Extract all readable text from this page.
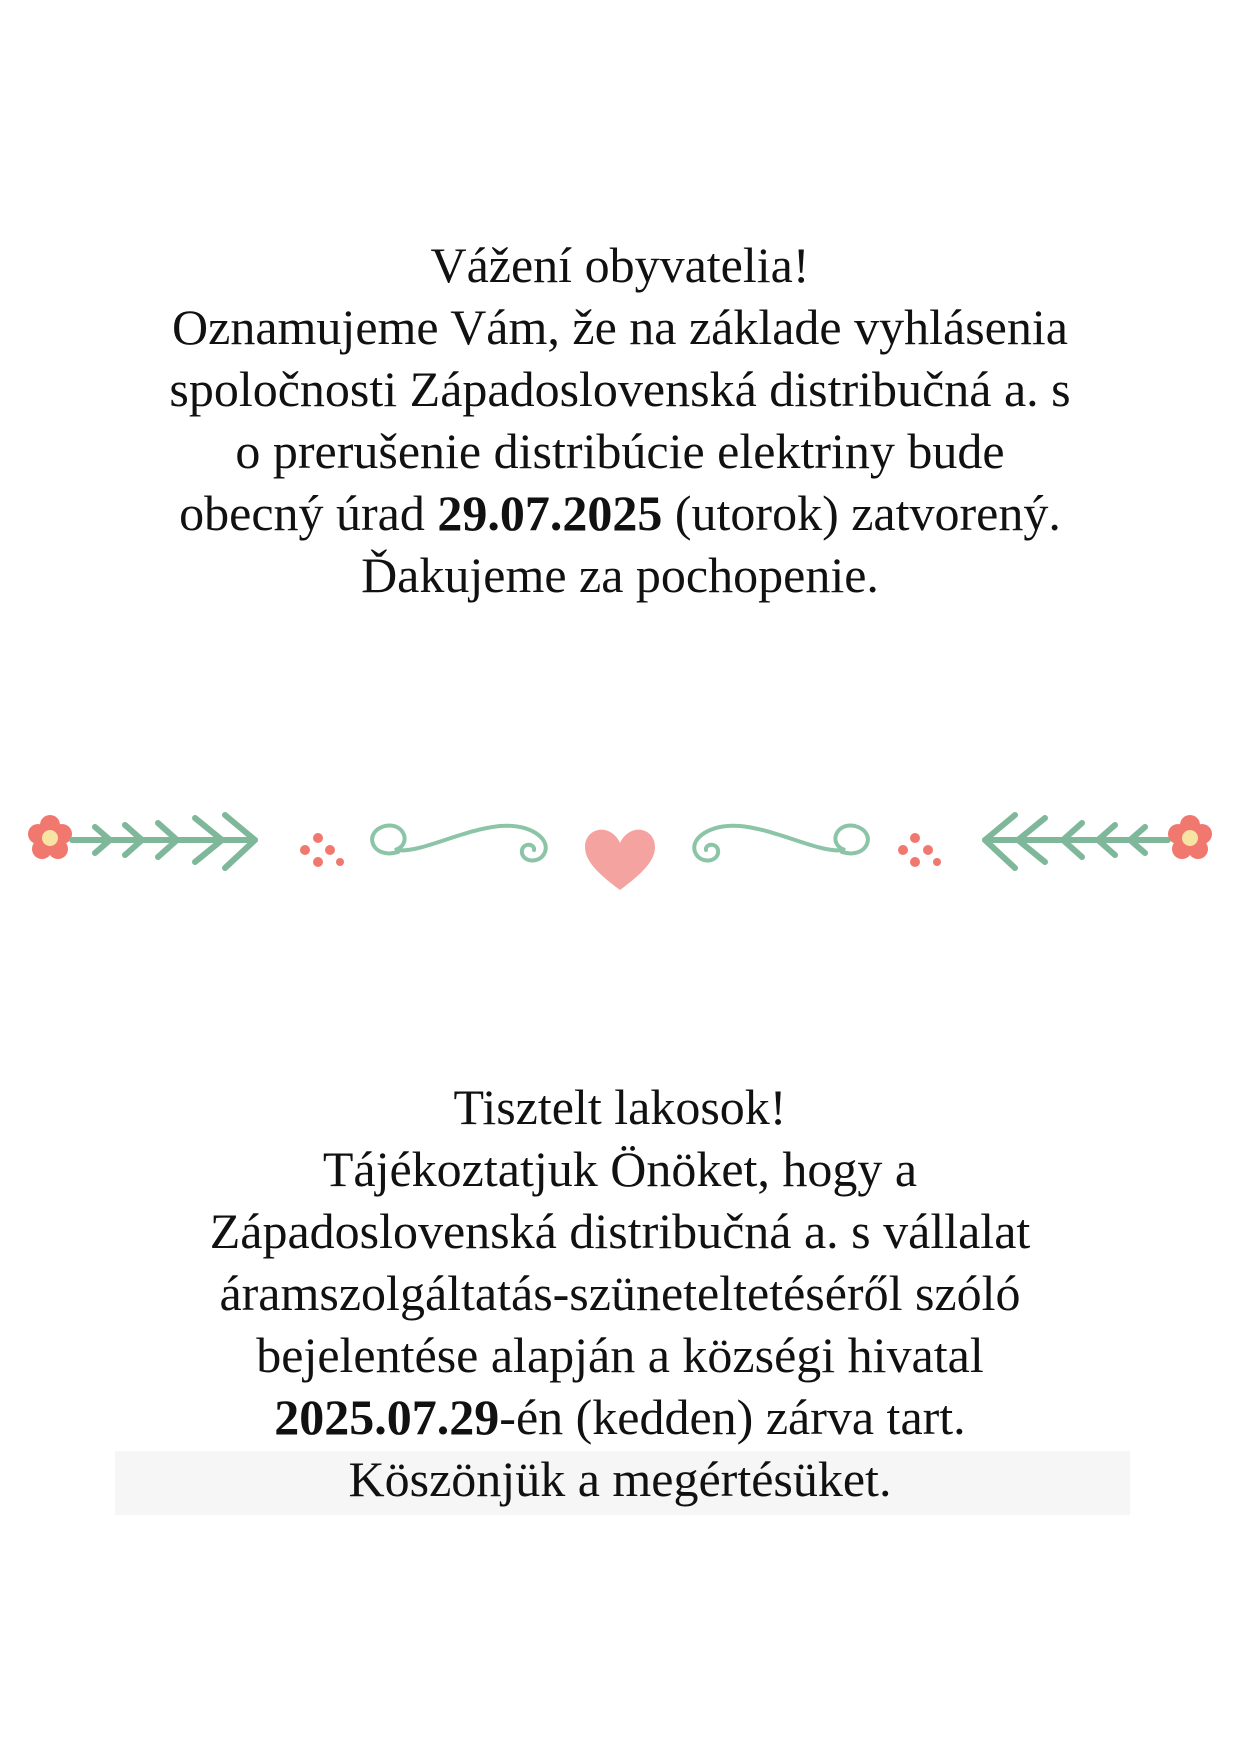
Vážení obyvatelia!

Oznamujeme Vám, že na základe vyhlásenia

spoločnosti Západoslovenská distribučná a. s

o prerušenie distribúcie elektriny bude

obecný úrad 29.07.2025 (utorok) zatvorený.

Ďakujeme za pochopenie.

Tisztelt lakosok!

Tájékoztatjuk Önöket, hogy a

Západoslovenská distribučná a. s vállalat

áramszolgáltatás-szüneteltetéséről szóló

bejelentése alapján a községi hivatal

2025.07.29-én (kedden) zárva tart.

Köszönjük a megértésüket.
